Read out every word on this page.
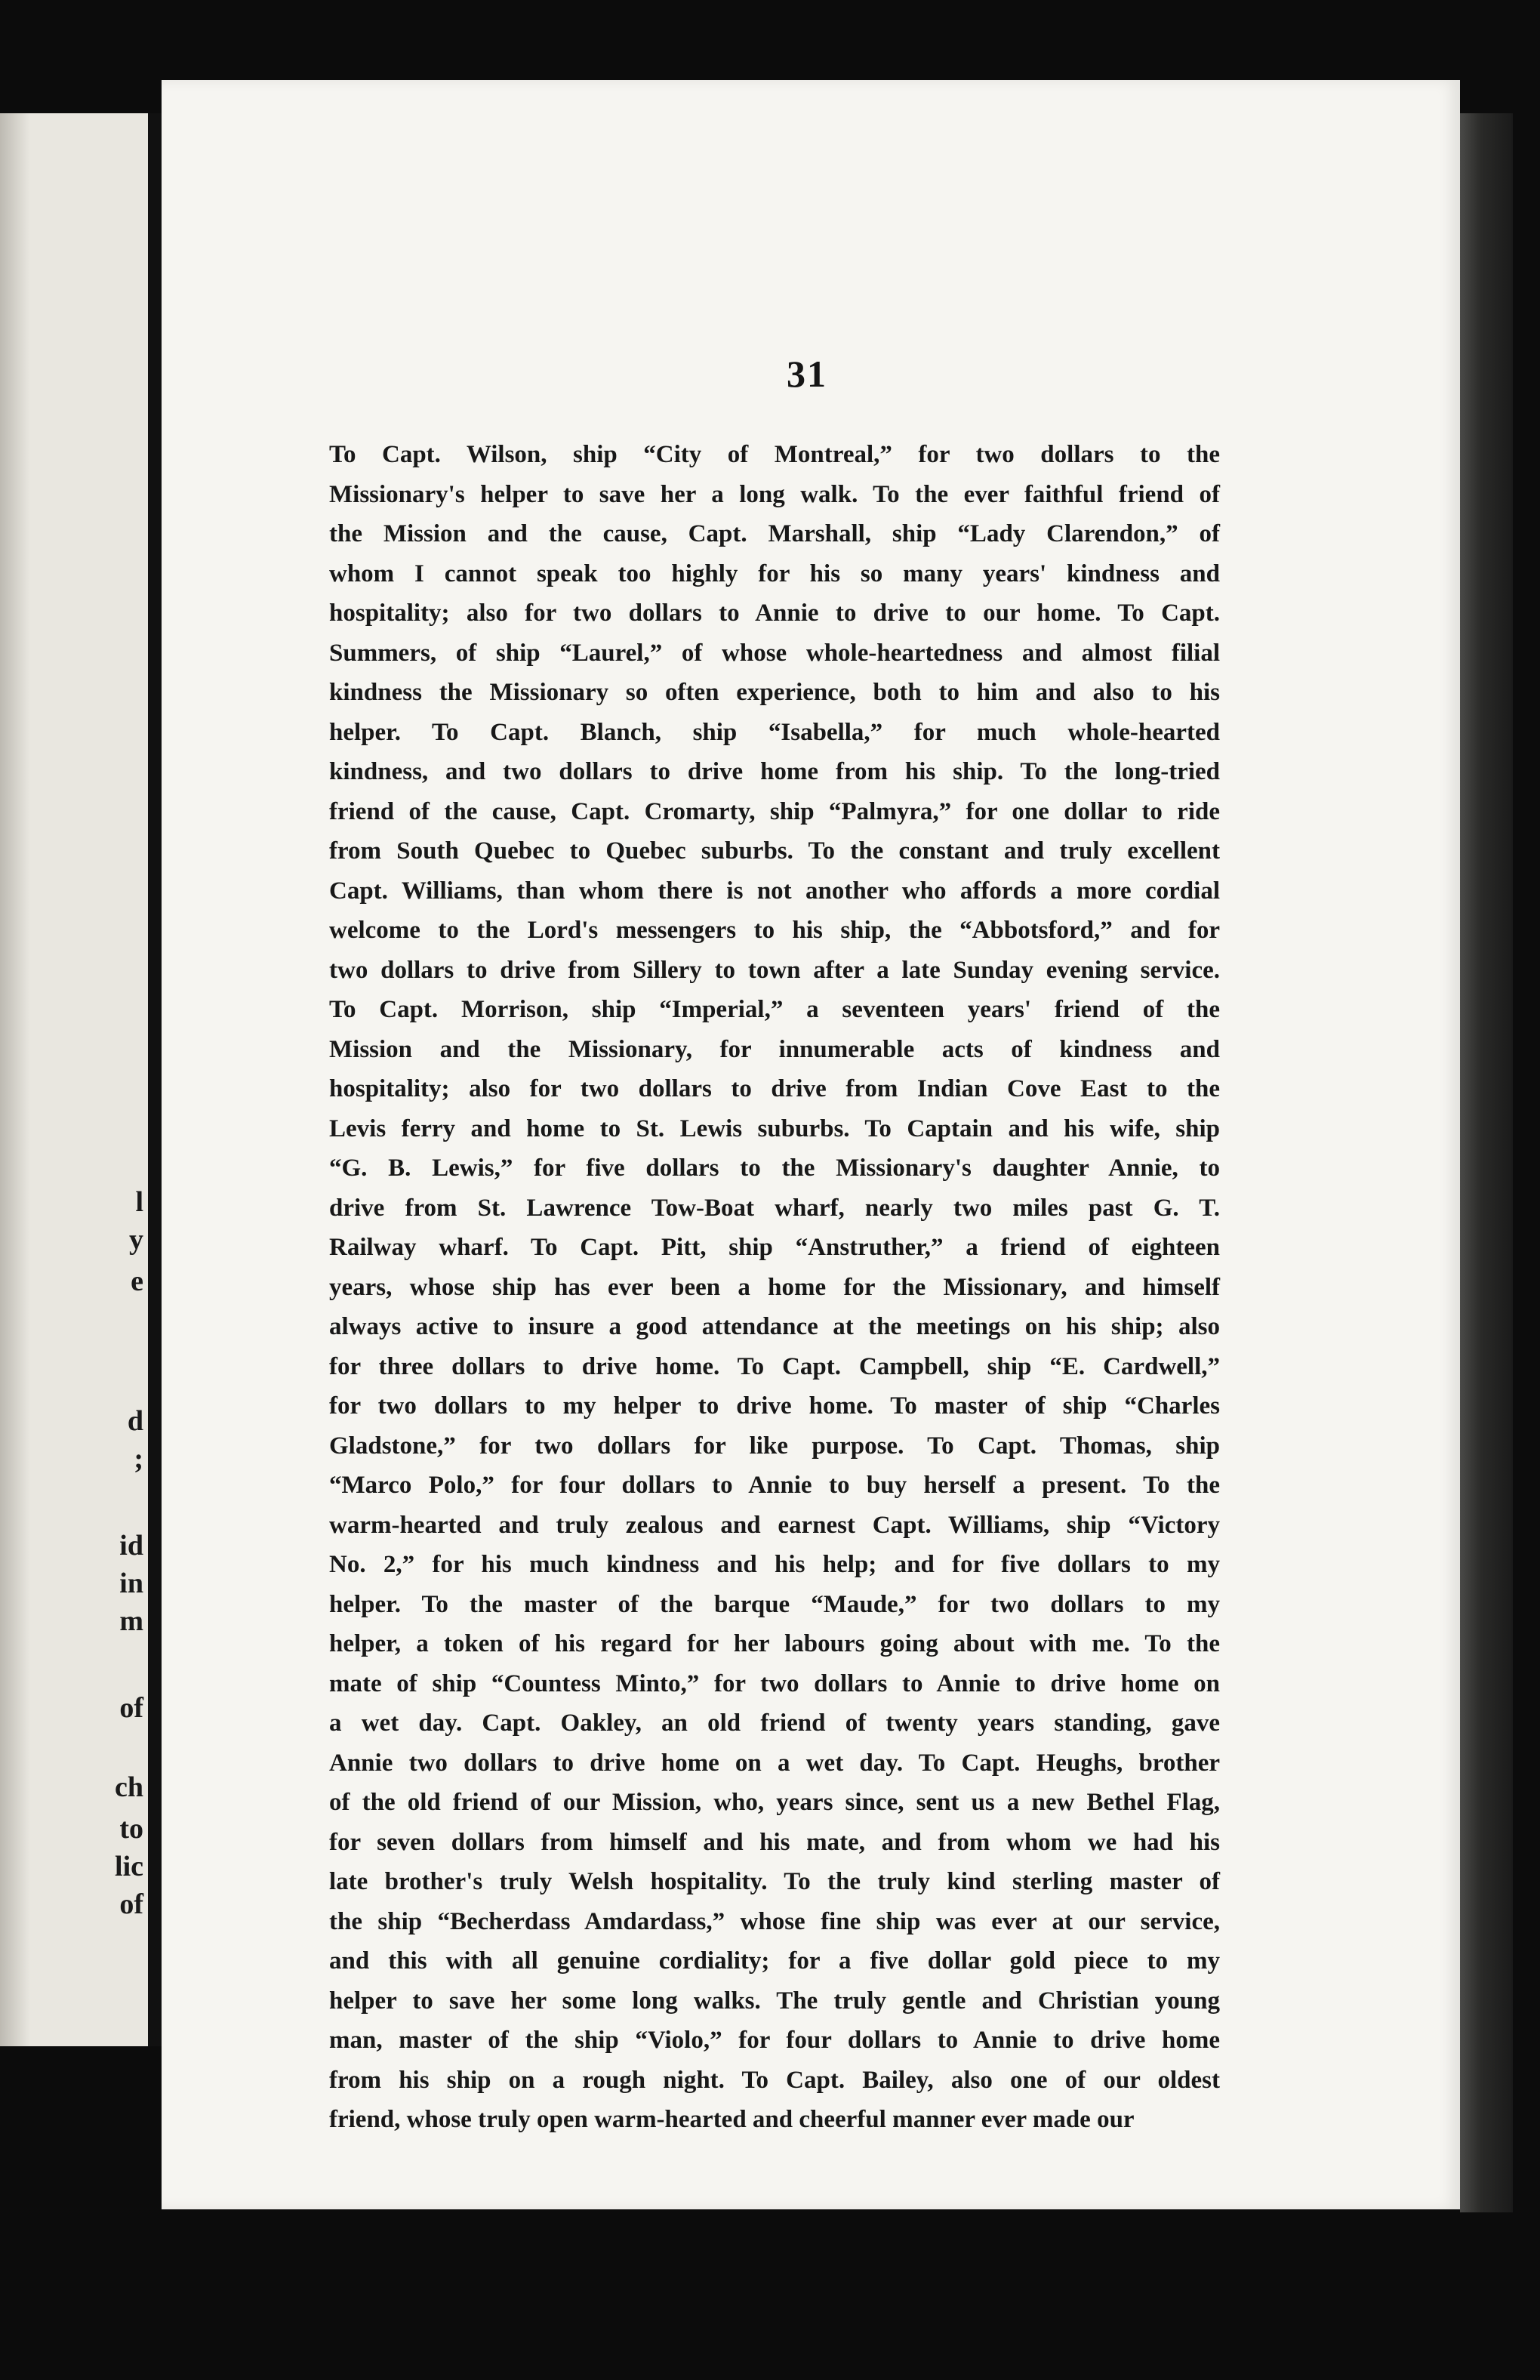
l
y
e
d
;
id
in
m
of
ch
to
lic
of
31
To Capt. Wilson, ship “City of Montreal,” for two dollars to the
Missionary's helper to save her a long walk. To the ever faithful friend of
the Mission and the cause, Capt. Marshall, ship “Lady Clarendon,” of
whom I cannot speak too highly for his so many years' kindness and
hospitality; also for two dollars to Annie to drive to our home. To Capt.
Summers, of ship “Laurel,” of whose whole-heartedness and almost filial
kindness the Missionary so often experience, both to him and also to his
helper. To Capt. Blanch, ship “Isabella,” for much whole-hearted
kindness, and two dollars to drive home from his ship. To the long-tried
friend of the cause, Capt. Cromarty, ship “Palmyra,” for one dollar to ride
from South Quebec to Quebec suburbs. To the constant and truly excellent
Capt. Williams, than whom there is not another who affords a more cordial
welcome to the Lord's messengers to his ship, the “Abbotsford,” and for
two dollars to drive from Sillery to town after a late Sunday evening service.
To Capt. Morrison, ship “Imperial,” a seventeen years' friend of the
Mission and the Missionary, for innumerable acts of kindness and
hospitality; also for two dollars to drive from Indian Cove East to the
Levis ferry and home to St. Lewis suburbs. To Captain and his wife, ship
“G. B. Lewis,” for five dollars to the Missionary's daughter Annie, to
drive from St. Lawrence Tow-Boat wharf, nearly two miles past G. T.
Railway wharf. To Capt. Pitt, ship “Anstruther,” a friend of eighteen
years, whose ship has ever been a home for the Missionary, and himself
always active to insure a good attendance at the meetings on his ship; also
for three dollars to drive home. To Capt. Campbell, ship “E. Cardwell,”
for two dollars to my helper to drive home. To master of ship “Charles
Gladstone,” for two dollars for like purpose. To Capt. Thomas, ship
“Marco Polo,” for four dollars to Annie to buy herself a present. To the
warm-hearted and truly zealous and earnest Capt. Williams, ship “Victory
No. 2,” for his much kindness and his help; and for five dollars to my
helper. To the master of the barque “Maude,” for two dollars to my
helper, a token of his regard for her labours going about with me. To the
mate of ship “Countess Minto,” for two dollars to Annie to drive home on
a wet day. Capt. Oakley, an old friend of twenty years standing, gave
Annie two dollars to drive home on a wet day. To Capt. Heughs, brother
of the old friend of our Mission, who, years since, sent us a new Bethel Flag,
for seven dollars from himself and his mate, and from whom we had his
late brother's truly Welsh hospitality. To the truly kind sterling master of
the ship “Becherdass Amdardass,” whose fine ship was ever at our service,
and this with all genuine cordiality; for a five dollar gold piece to my
helper to save her some long walks. The truly gentle and Christian young
man, master of the ship “Violo,” for four dollars to Annie to drive home
from his ship on a rough night. To Capt. Bailey, also one of our oldest
friend, whose truly open warm-hearted and cheerful manner ever made our
